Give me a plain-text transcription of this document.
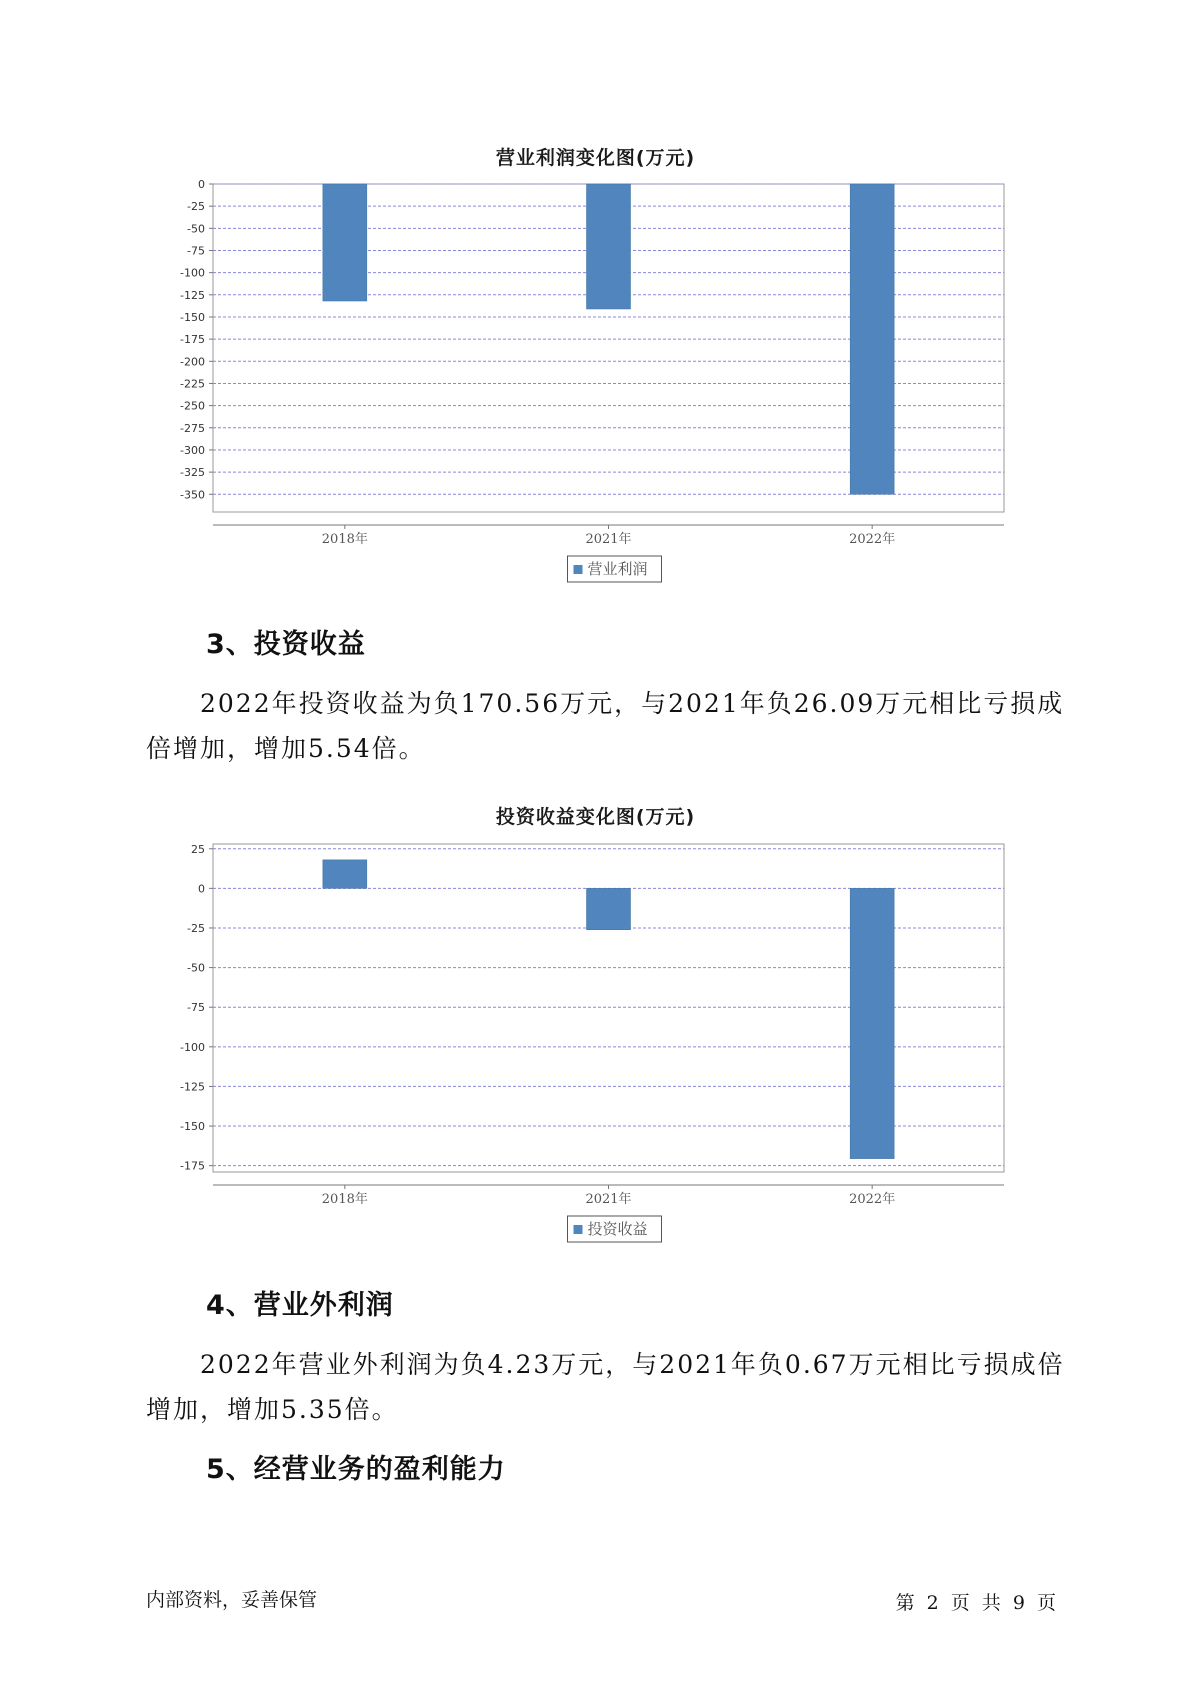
营业利润变化图(万元)
0
-25
-50
-75
-100
-125
-150
-175
-200
-225
-250
-275
-300
-325
-350
2018年	2021年	2022年
营业利润
3、投资收益

2022年投资收益为负170.56万元，与2021年负26.09万元相比亏损成倍增加，增加5.54倍。

投资收益变化图(万元)
25
0
-25
-50
-75
-100
-125
-150
-175
2018年	2021年	2022年
投资收益
4、营业外利润

2022年营业外利润为负4.23万元，与2021年负0.67万元相比亏损成倍增加，增加5.35倍。

5、经营业务的盈利能力
内部资料，妥善保管	第 2 页 共 9 页
